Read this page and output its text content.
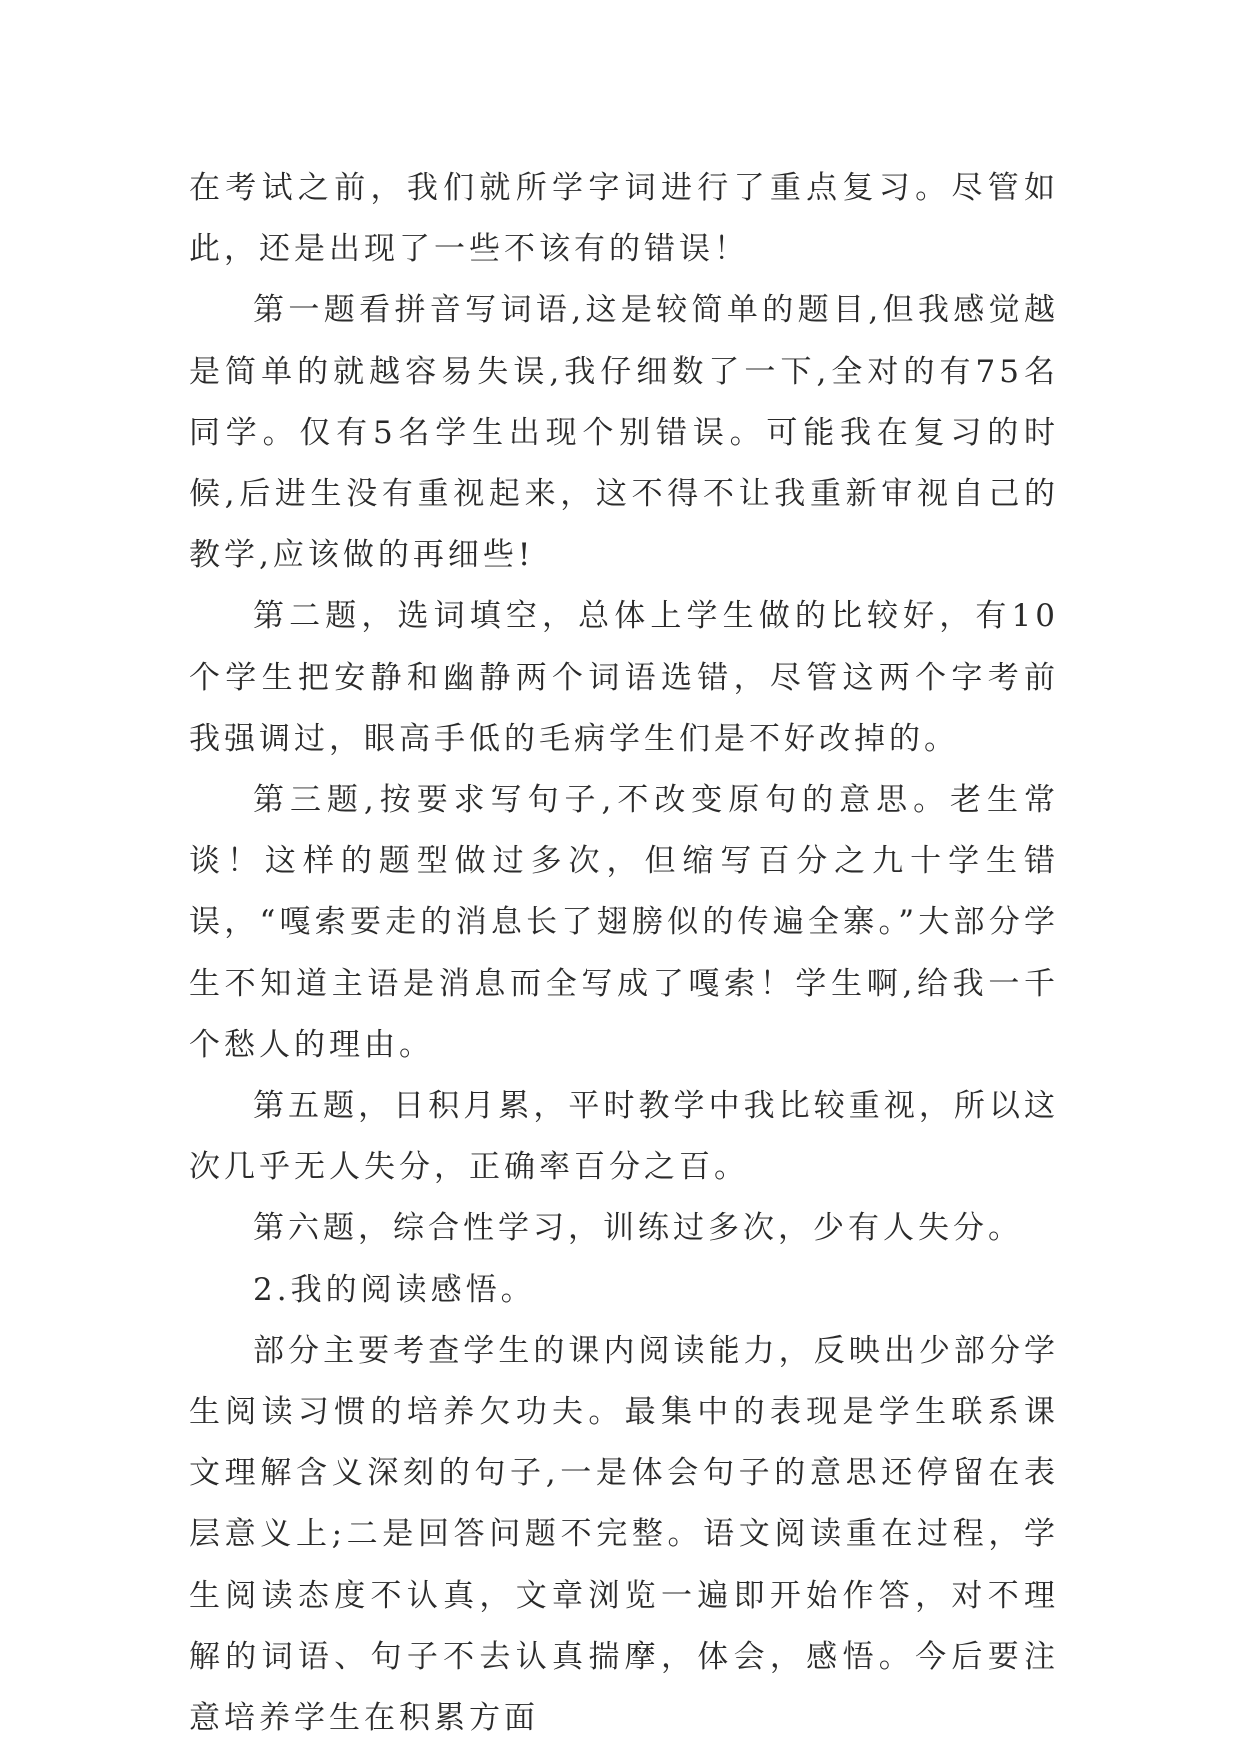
在考试之前，我们就所学字词进行了重点复习。尽管如此，还是出现了一些不该有的错误！

第一题看拼音写词语,这是较简单的题目,但我感觉越是简单的就越容易失误,我仔细数了一下,全对的有75名同学。仅有5名学生出现个别错误。可能我在复习的时候,后进生没有重视起来，这不得不让我重新审视自己的教学,应该做的再细些!

第二题，选词填空，总体上学生做的比较好，有10个学生把安静和幽静两个词语选错，尽管这两个字考前我强调过，眼高手低的毛病学生们是不好改掉的。

第三题,按要求写句子,不改变原句的意思。老生常谈！这样的题型做过多次，但缩写百分之九十学生错误，“嘎索要走的消息长了翅膀似的传遍全寨。”大部分学生不知道主语是消息而全写成了嘎索！学生啊,给我一千个愁人的理由。

第五题，日积月累，平时教学中我比较重视，所以这次几乎无人失分，正确率百分之百。

第六题，综合性学习，训练过多次，少有人失分。

2.我的阅读感悟。

部分主要考查学生的课内阅读能力，反映出少部分学生阅读习惯的培养欠功夫。最集中的表现是学生联系课文理解含义深刻的句子,一是体会句子的意思还停留在表层意义上;二是回答问题不完整。语文阅读重在过程，学生阅读态度不认真，文章浏览一遍即开始作答，对不理解的词语、句子不去认真揣摩，体会，感悟。今后要注意培养学生在积累方面
